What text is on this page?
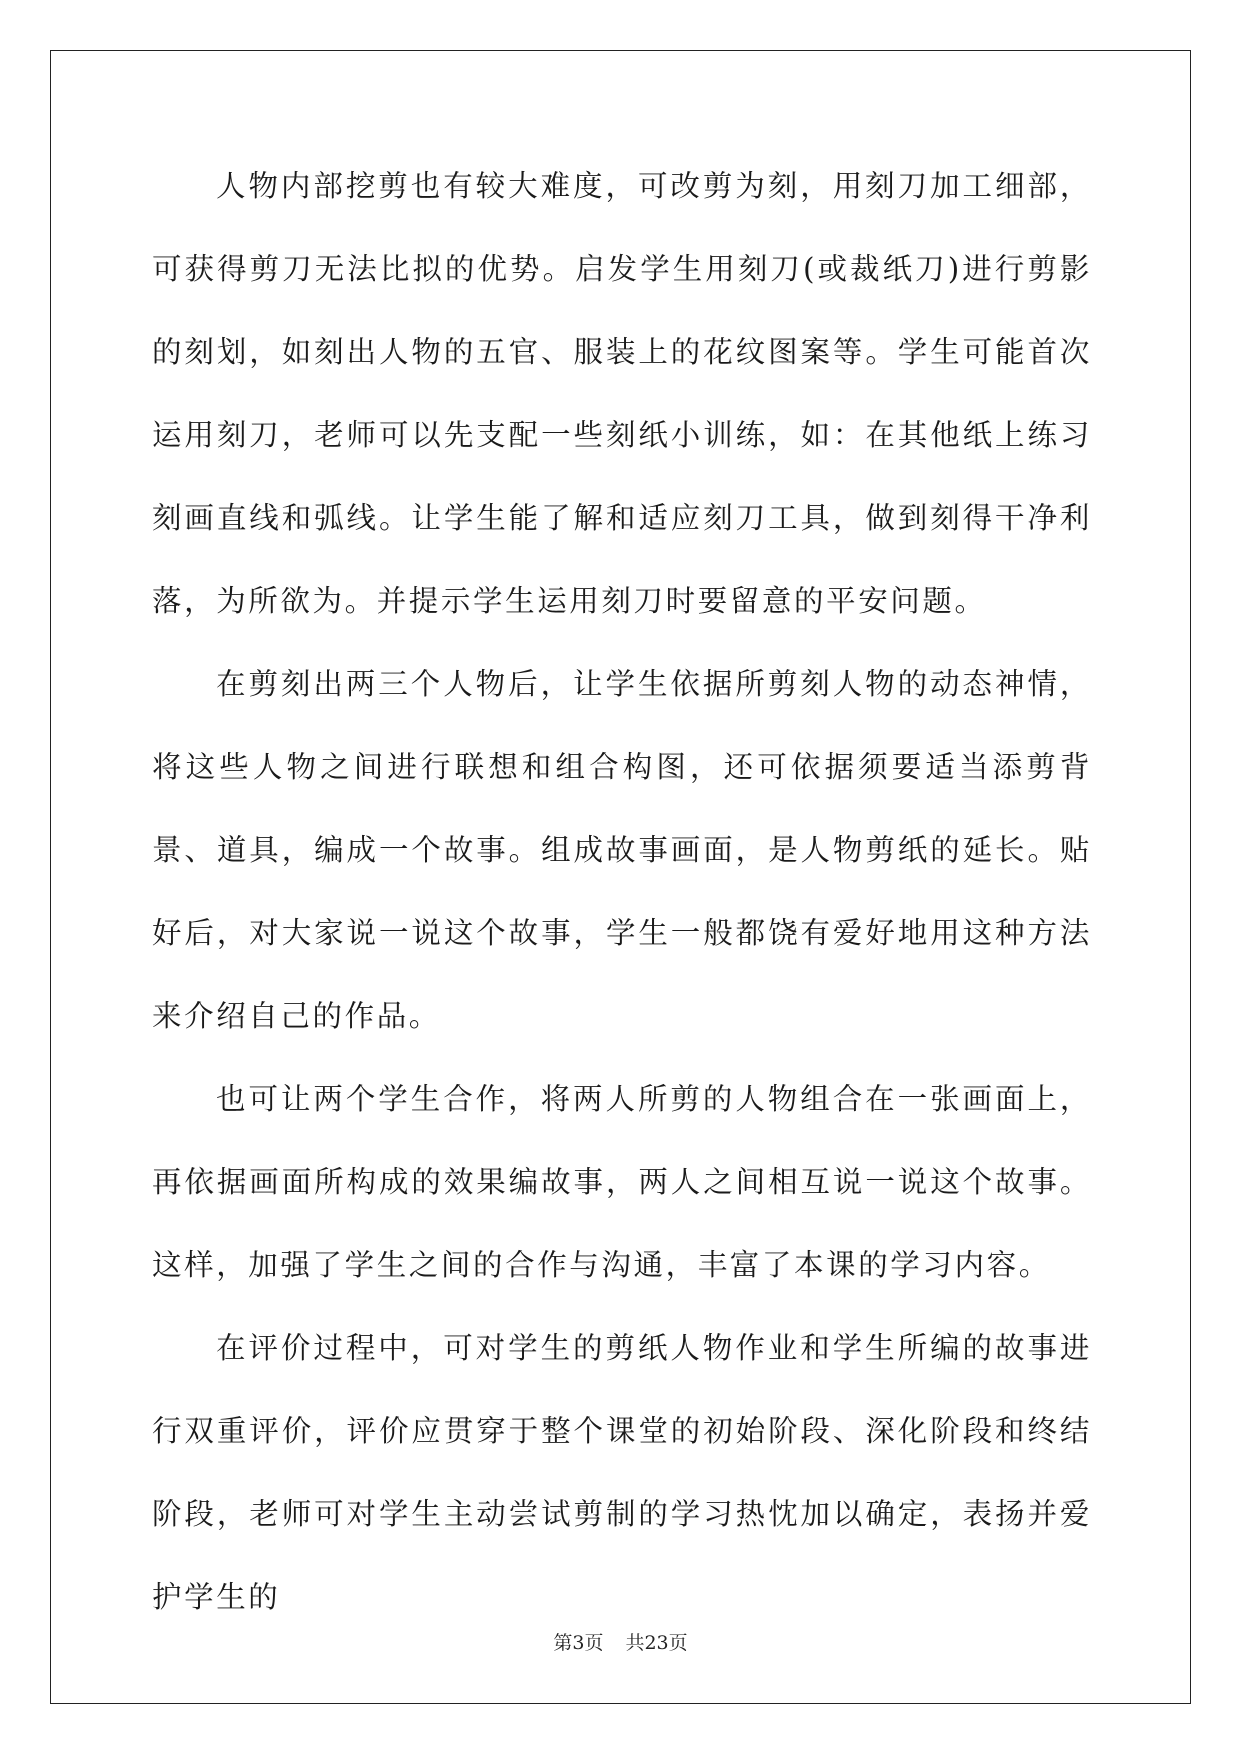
人物内部挖剪也有较大难度，可改剪为刻，用刻刀加工细部，可获得剪刀无法比拟的优势。启发学生用刻刀(或裁纸刀)进行剪影的刻划，如刻出人物的五官、服装上的花纹图案等。学生可能首次运用刻刀，老师可以先支配一些刻纸小训练，如：在其他纸上练习刻画直线和弧线。让学生能了解和适应刻刀工具，做到刻得干净利落，为所欲为。并提示学生运用刻刀时要留意的平安问题。

在剪刻出两三个人物后，让学生依据所剪刻人物的动态神情，将这些人物之间进行联想和组合构图，还可依据须要适当添剪背景、道具，编成一个故事。组成故事画面，是人物剪纸的延长。贴好后，对大家说一说这个故事，学生一般都饶有爱好地用这种方法来介绍自己的作品。

也可让两个学生合作，将两人所剪的人物组合在一张画面上，再依据画面所构成的效果编故事，两人之间相互说一说这个故事。这样，加强了学生之间的合作与沟通，丰富了本课的学习内容。

在评价过程中，可对学生的剪纸人物作业和学生所编的故事进行双重评价，评价应贯穿于整个课堂的初始阶段、深化阶段和终结阶段，老师可对学生主动尝试剪制的学习热忱加以确定，表扬并爱护学生的

第3页 共23页
